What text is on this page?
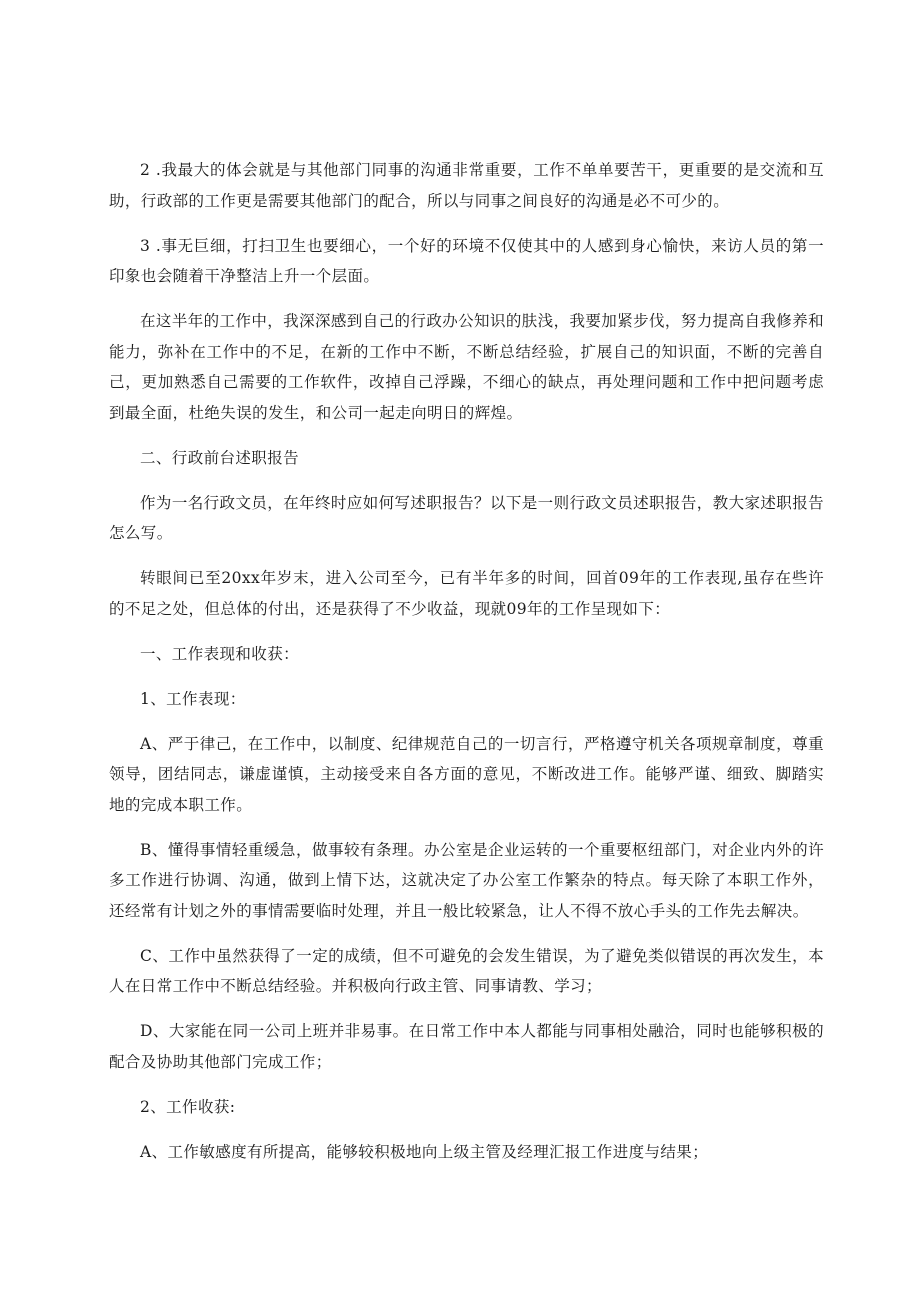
2 .我最大的体会就是与其他部门同事的沟通非常重要，工作不单单要苦干，更重要的是交流和互助，行政部的工作更是需要其他部门的配合，所以与同事之间良好的沟通是必不可少的。

3 .事无巨细，打扫卫生也要细心，一个好的环境不仅使其中的人感到身心愉快，来访人员的第一印象也会随着干净整洁上升一个层面。

在这半年的工作中，我深深感到自己的行政办公知识的肤浅，我要加紧步伐，努力提高自我修养和能力，弥补在工作中的不足，在新的工作中不断，不断总结经验，扩展自己的知识面，不断的完善自己，更加熟悉自己需要的工作软件，改掉自己浮躁，不细心的缺点，再处理问题和工作中把问题考虑到最全面，杜绝失误的发生，和公司一起走向明日的辉煌。

二、行政前台述职报告

作为一名行政文员，在年终时应如何写述职报告？以下是一则行政文员述职报告，教大家述职报告怎么写。

转眼间已至20xx年岁末，进入公司至今，已有半年多的时间，回首09年的工作表现,虽存在些许的不足之处，但总体的付出，还是获得了不少收益，现就09年的工作呈现如下：

一、工作表现和收获：

1、工作表现：

A、严于律己，在工作中，以制度、纪律规范自己的一切言行，严格遵守机关各项规章制度，尊重领导，团结同志，谦虚谨慎，主动接受来自各方面的意见，不断改进工作。能够严谨、细致、脚踏实地的完成本职工作。

B、懂得事情轻重缓急，做事较有条理。办公室是企业运转的一个重要枢纽部门，对企业内外的许多工作进行协调、沟通，做到上情下达，这就决定了办公室工作繁杂的特点。每天除了本职工作外，还经常有计划之外的事情需要临时处理，并且一般比较紧急，让人不得不放心手头的工作先去解决。

C、工作中虽然获得了一定的成绩，但不可避免的会发生错误，为了避免类似错误的再次发生，本人在日常工作中不断总结经验。并积极向行政主管、同事请教、学习；

D、大家能在同一公司上班并非易事。在日常工作中本人都能与同事相处融洽，同时也能够积极的配合及协助其他部门完成工作；

2、工作收获:

A、工作敏感度有所提高，能够较积极地向上级主管及经理汇报工作进度与结果；
